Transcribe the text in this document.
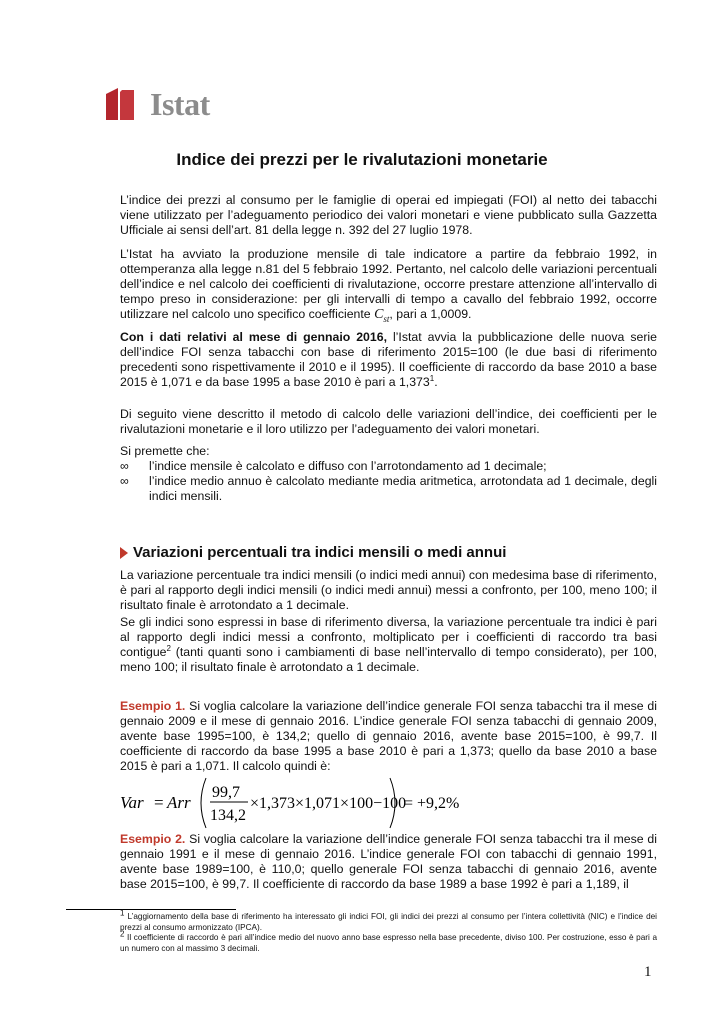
Istat
Indice dei prezzi per le rivalutazioni monetarie

L’indice dei prezzi al consumo per le famiglie di operai ed impiegati (FOI) al netto dei tabacchi viene utilizzato per l’adeguamento periodico dei valori monetari e viene pubblicato sulla Gazzetta Ufficiale ai sensi dell’art. 81 della legge n. 392 del 27 luglio 1978.

L’Istat ha avviato la produzione mensile di tale indicatore a partire da febbraio 1992, in ottemperanza alla legge n.81 del 5 febbraio 1992. Pertanto, nel calcolo delle variazioni percentuali dell’indice e nel calcolo dei coefficienti di rivalutazione, occorre prestare attenzione all’intervallo di tempo preso in considerazione: per gli intervalli di tempo a cavallo del febbraio 1992, occorre utilizzare nel calcolo uno specifico coefficiente $C_{st}$, pari a 1,0009.

Con i dati relativi al mese di gennaio 2016, l’Istat avvia la pubblicazione delle nuova serie dell’indice FOI senza tabacchi con base di riferimento 2015=100 (le due basi di riferimento precedenti sono rispettivamente il 2010 e il 1995). Il coefficiente di raccordo da base 2010 a base 2015 è 1,071 e da base 1995 a base 2010 è pari a 1,373$^1$.

Di seguito viene descritto il metodo di calcolo delle variazioni dell’indice, dei coefficienti per le rivalutazioni monetarie e il loro utilizzo per l’adeguamento dei valori monetari.

Si premette che:

∞ l’indice mensile è calcolato e diffuso con l’arrotondamento ad 1 decimale;
∞ l’indice medio annuo è calcolato mediante media aritmetica, arrotondata ad 1 decimale, degli indici mensili.
Variazioni percentuali tra indici mensili o medi annui

La variazione percentuale tra indici mensili (o indici medi annui) con medesima base di riferimento, è pari al rapporto degli indici mensili (o indici medi annui) messi a confronto, per 100, meno 100; il risultato finale è arrotondato a 1 decimale.

Se gli indici sono espressi in base di riferimento diversa, la variazione percentuale tra indici è pari al rapporto degli indici messi a confronto, moltiplicato per i coefficienti di raccordo tra basi contigue$^2$ (tanti quanti sono i cambiamenti di base nell’intervallo di tempo considerato), per 100, meno 100; il risultato finale è arrotondato a 1 decimale.

Esempio 1. Si voglia calcolare la variazione dell’indice generale FOI senza tabacchi tra il mese di gennaio 2009 e il mese di gennaio 2016. L’indice generale FOI senza tabacchi di gennaio 2009, avente base 1995=100, è 134,2; quello di gennaio 2016, avente base 2015=100, è 99,7. Il coefficiente di raccordo da base 1995 a base 2010 è pari a 1,373; quello da base 2010 a base 2015 è pari a 1,071. Il calcolo quindi è:

Var = Arr
99,7
134,2
×1,373×1,071×100−100
= +9,2%

Esempio 2. Si voglia calcolare la variazione dell’indice generale FOI senza tabacchi tra il mese di gennaio 1991 e il mese di gennaio 2016. L’indice generale FOI con tabacchi di gennaio 1991, avente base 1989=100, è 110,0; quello generale FOI senza tabacchi di gennaio 2016, avente base 2015=100, è 99,7. Il coefficiente di raccordo da base 1989 a base 1992 è pari a 1,189, il

$^1$ L’aggiornamento della base di riferimento ha interessato gli indici FOI, gli indici dei prezzi al consumo per l’intera collettività (NIC) e l’indice dei prezzi al consumo armonizzato (IPCA).

$^2$ Il coefficiente di raccordo è pari all’indice medio del nuovo anno base espresso nella base precedente, diviso 100. Per costruzione, esso è pari a un numero con al massimo 3 decimali.

1
